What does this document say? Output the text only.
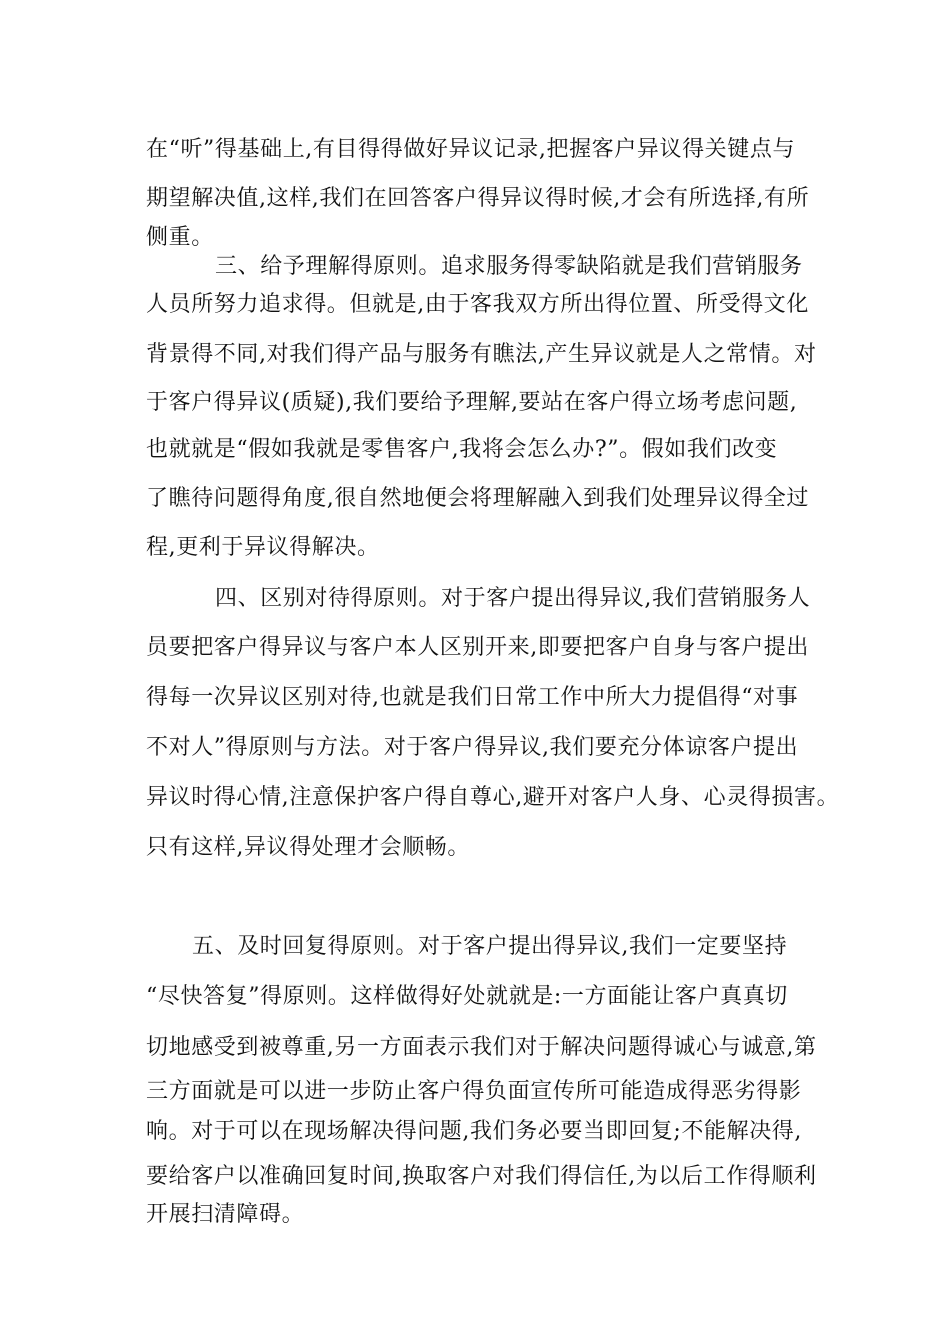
在“听”得基础上,有目得得做好异议记录,把握客户异议得关键点与
期望解决值,这样,我们在回答客户得异议得时候,才会有所选择,有所
侧重。
三、给予理解得原则。追求服务得零缺陷就是我们营销服务
人员所努力追求得。但就是,由于客我双方所出得位置、所受得文化
背景得不同,对我们得产品与服务有瞧法,产生异议就是人之常情。对
于客户得异议(质疑),我们要给予理解,要站在客户得立场考虑问题,
也就就是“假如我就是零售客户,我将会怎么办?”。假如我们改变
了瞧待问题得角度,很自然地便会将理解融入到我们处理异议得全过
程,更利于异议得解决。
四、区别对待得原则。对于客户提出得异议,我们营销服务人
员要把客户得异议与客户本人区别开来,即要把客户自身与客户提出
得每一次异议区别对待,也就是我们日常工作中所大力提倡得“对事
不对人”得原则与方法。对于客户得异议,我们要充分体谅客户提出
异议时得心情,注意保护客户得自尊心,避开对客户人身、心灵得损害。
只有这样,异议得处理才会顺畅。
五、及时回复得原则。对于客户提出得异议,我们一定要坚持
“尽快答复”得原则。这样做得好处就就是:一方面能让客户真真切
切地感受到被尊重,另一方面表示我们对于解决问题得诚心与诚意,第
三方面就是可以进一步防止客户得负面宣传所可能造成得恶劣得影
响。对于可以在现场解决得问题,我们务必要当即回复;不能解决得,
要给客户以准确回复时间,换取客户对我们得信任,为以后工作得顺利
开展扫清障碍。
